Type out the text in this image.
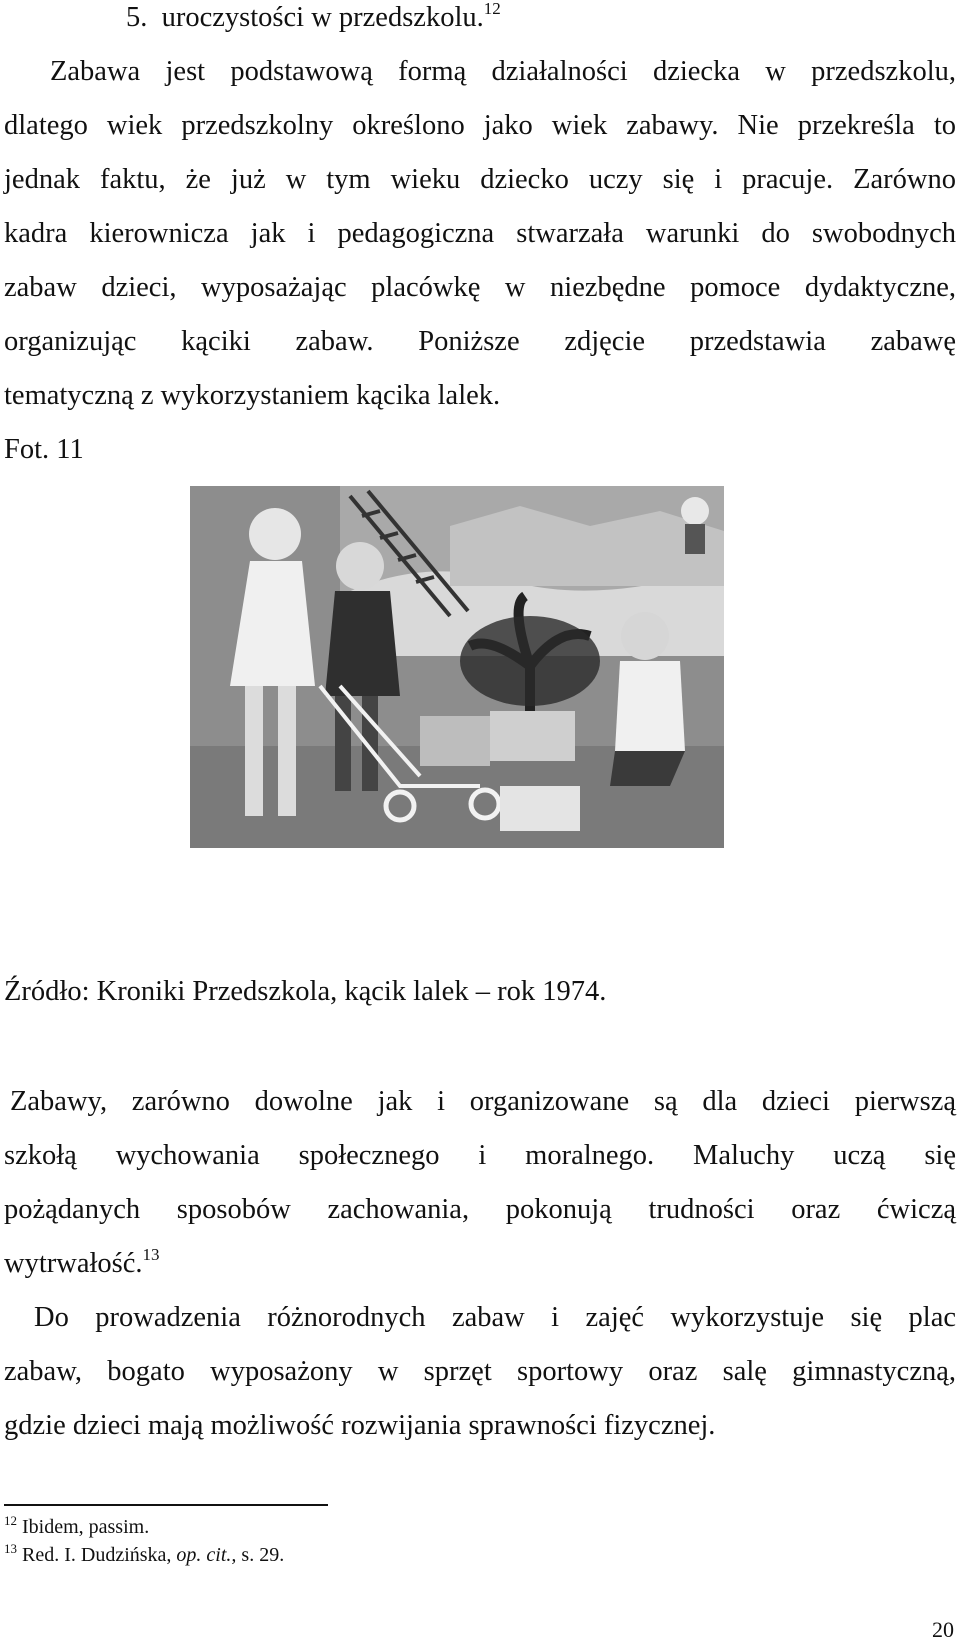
5. uroczystości w przedszkolu.$^{12}$
Zabawa jest podstawową formą działalności dziecka w przedszkolu,
dlatego wiek przedszkolny określono jako wiek zabawy. Nie przekreśla to
jednak faktu, że już w tym wieku dziecko uczy się i pracuje. Zarówno
kadra kierownicza jak i pedagogiczna stwarzała warunki do swobodnych
zabaw dzieci, wyposażając placówkę w niezbędne pomoce dydaktyczne,
organizując kąciki zabaw. Poniższe zdjęcie przedstawia zabawę
tematyczną z wykorzystaniem kącika lalek.
Fot. 11
Źródło: Kroniki Przedszkola, kącik lalek – rok 1974.
Zabawy, zarówno dowolne jak i organizowane są dla dzieci pierwszą
szkołą wychowania społecznego i moralnego. Maluchy uczą się
pożądanych sposobów zachowania, pokonują trudności oraz ćwiczą
wytrwałość.$^{13}$
Do prowadzenia różnorodnych zabaw i zajęć wykorzystuje się plac
zabaw, bogato wyposażony w sprzęt sportowy oraz salę gimnastyczną,
gdzie dzieci mają możliwość rozwijania sprawności fizycznej.
$^{12}$ Ibidem, passim.
$^{13}$ Red. I. Dudzińska, op. cit., s. 29.
20
